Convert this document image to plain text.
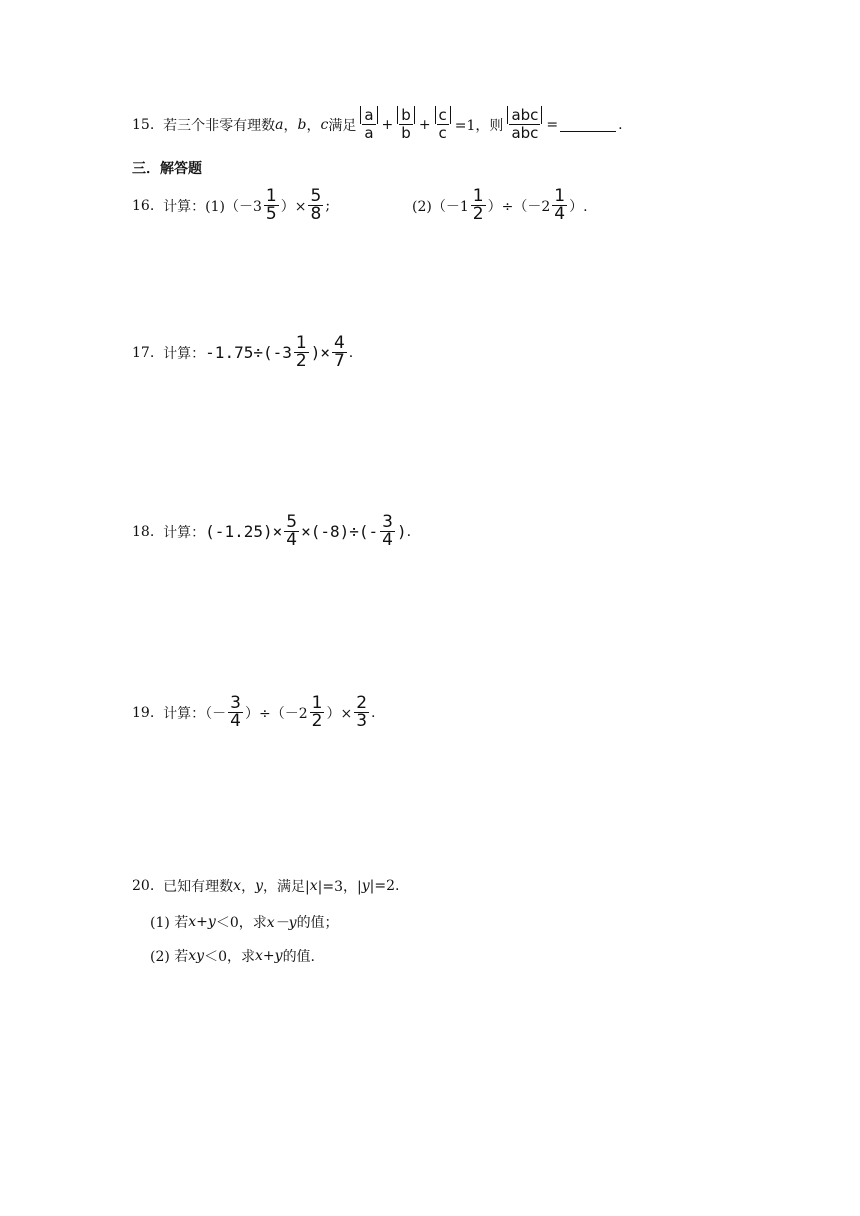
15.
若三个非零有理数 a ， b ， c 满足 $\frac{a}{a} + \frac{b}{b} + \frac{c}{c} =1$，则 $\frac{\text{abc}}{\text{abc}}$ =	.
三．解答题
16.
计算：$(1)(-3 \frac{1}{5}$ ）× $\frac{5}{8}$ ;	$(2)(-1 \frac{1}{2} )\div(-2 \frac{1}{4}$ ）.
17.
计算： $-1.75\div(-3 \frac{1}{2}$ )× $\frac{4}{7}$ .
18.
计算： $(-1.25)\times \frac{5}{4} \times(-8)\div(- \frac{3}{4}$ ) .
19.
计算：（－ $\frac{3}{4} )\div(-2 \frac{1}{2}$ ）× $\frac{2}{3}$ .
20.
已知有理数 x ， y ，满足| x |=3，| y |=2.
(1) 若 x+y ＜0，求 x－y 的值；
(2) 若 xy ＜0，求 x+y 的值.
